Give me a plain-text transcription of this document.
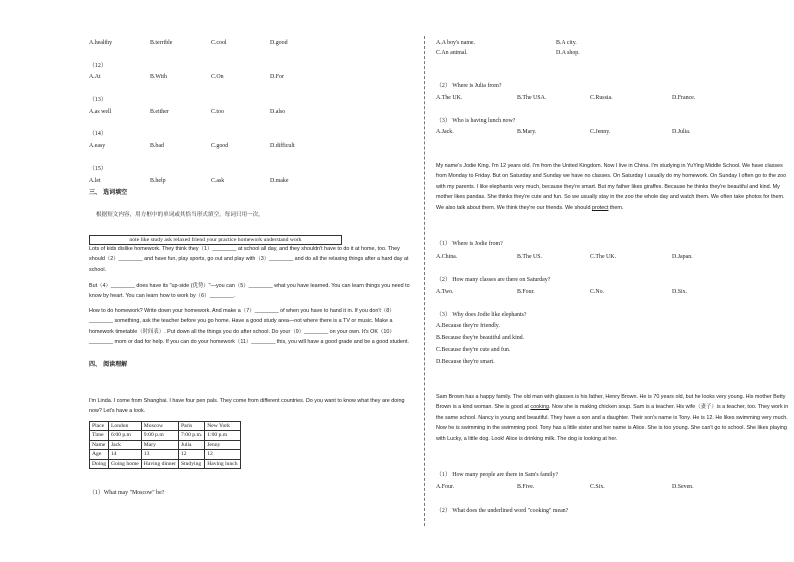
A.healthy	B.terrible	C.cool	D.good
（12）
A.At	B.With	C.On	D.For
（13）
A.as well	B.either	C.too	D.also
（14）
A.easy	B.bad	C.good	D.difficult
（15）
A.let	B.help	C.ask	D.make
三、 选词填空
根据短文内容，用方框中的单词或其恰当形式填空，每词只用一次。
note like study ask relaxed friend your practice homework understand work
Lots of kids dislike homework. They think they（1）________ at school all day, and they shouldn't have to do it at home, too. They should（2）________ and have fun, play sports, go out and play with（3）________ and do all the relaxing things after a hard day at school.
But（4）________ does have its "up-side (优势）"—you can（5）________ what you have learned. You can learn things you need to know by heart. You can learn how to work by（6）________.
How to do homework? Write down your homework. And make a（7）________ of when you have to hand it in. If you don't（8）________ something, ask the teacher before you go home. Have a good study area—not where there is a TV or music. Make a homework timetable（时间表）. Put down all the things you do after school. Do your（9）________ on your own. It's OK（10）________ mom or dad for help. If you can do your homework（11）________ this, you will have a good grade and be a good student.
四、 阅读理解
I'm Linda. I come from Shanghai. I have four pen pals. They come from different countries. Do you want to know what they are doing now? Let's have a look.
Place	London	Moscow	Paris	New York
Time	6:00 p.m	9:00 p.m	7:00 p.m.	1:00 p.m
Name	Jack	Mary	Julia	Jenny
Age	14	13	12	12
Doing	Going home	Having dinner	Studying	Having lunch
（1）What may "Moscow" be?
A.A boy's name.	B.A city.
C.An animal.	D.A shop.
（2） Where is Julia from?
A.The UK.	B.The USA.	C.Russia.	D.France.
（3） Who is having lunch now?
A.Jack.	B.Mary.	C.Jenny.	D.Julia.
My name's Jodie King. I'm 12 years old. I'm from the United Kingdom. Now I live in China. I'm studying in YuYing Middle School. We have classes from Monday to Friday. But on Saturday and Sunday we have no classes. On Saturday I usually do my homework. On Sunday I often go to the zoo with my parents. I like elephants very much, because they're smart. But my father likes giraffes. Because he thinks they're beautiful and kind. My mother likes pandas. She thinks they're cute and fun. So we usually stay in the zoo the whole day and watch them. We often take photos for them. We also talk about them. We think they're our friends. We should protect them.
（1） Where is Jodie from?
A.China.	B.The US.	C.The UK.	D.Japan.
（2） How many classes are there on Saturday?
A.Two.	B.Four.	C.No.	D.Six.
（3） Why does Jodie like elephants?
A.Because they're friendly.
B.Because they're beautiful and kind.
C.Because they're cute and fun.
D.Because they're smart.
Sam Brown has a happy family. The old man with glasses is his father, Henry Brown. He is 70 years old, but he looks very young. His mother Betty Brown is a kind woman. She is good at cooking. Now she is making chicken soup. Sam is a teacher. His wife（妻子）is a teacher, too. They work in the same school. Nancy is young and beautiful. They have a son and a daughter. Their son's name is Tony. He is 12. He likes swimming very much. Now he is swimming in the swimming pool. Tony has a little sister and her name is Alice. She is too young. She can't go to school. She likes playing with Lucky, a little dog. Look! Alice is drinking milk. The dog is looking at her.
（1） How many people are there in Sam's family?
A.Four.	B.Five.	C.Six.	D.Seven.
（2） What does the underlined word "cooking" mean?
